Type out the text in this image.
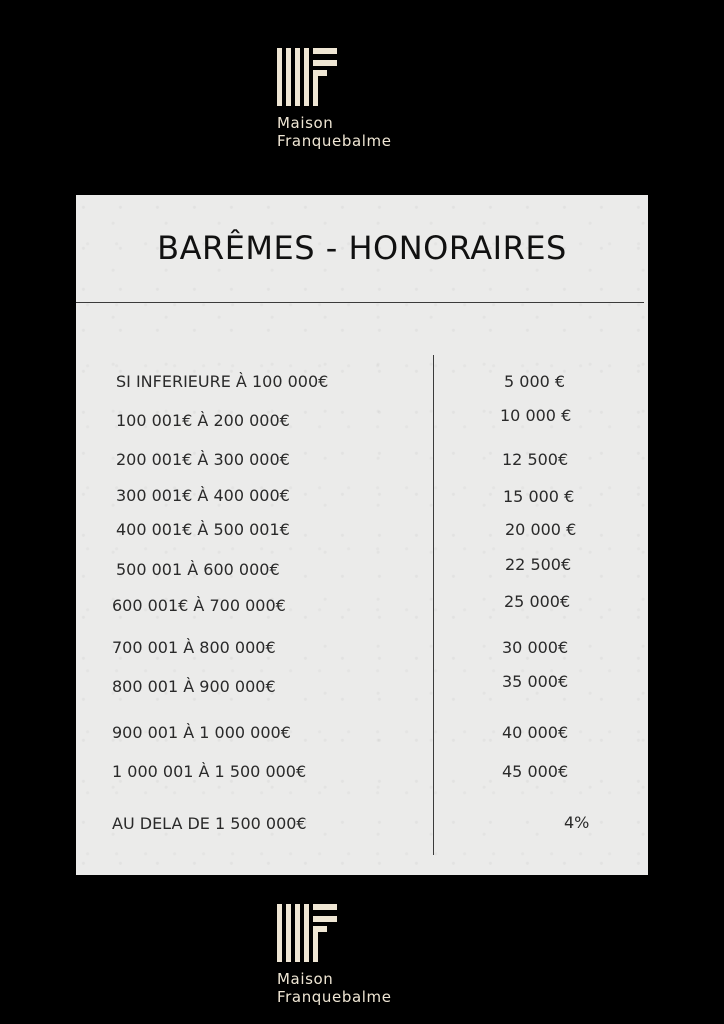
Maison
Franquebalme
BARÊMES - HONORAIRES
SI INFERIEURE À 100 000€	5 000 €
100 001€ À 200 000€	10 000 €
200 001€ À 300 000€	12 500€
300 001€ À 400 000€	15 000 €
400 001€ À 500 001€	20 000 €
500 001 À 600 000€	22 500€
600 001€ À 700 000€	25 000€
700 001 À 800 000€	30 000€
800 001 À 900 000€	35 000€
900 001 À 1 000 000€	40 000€
1 000 001 À 1 500 000€	45 000€
AU DELA DE 1 500 000€	4%
Maison
Franquebalme
